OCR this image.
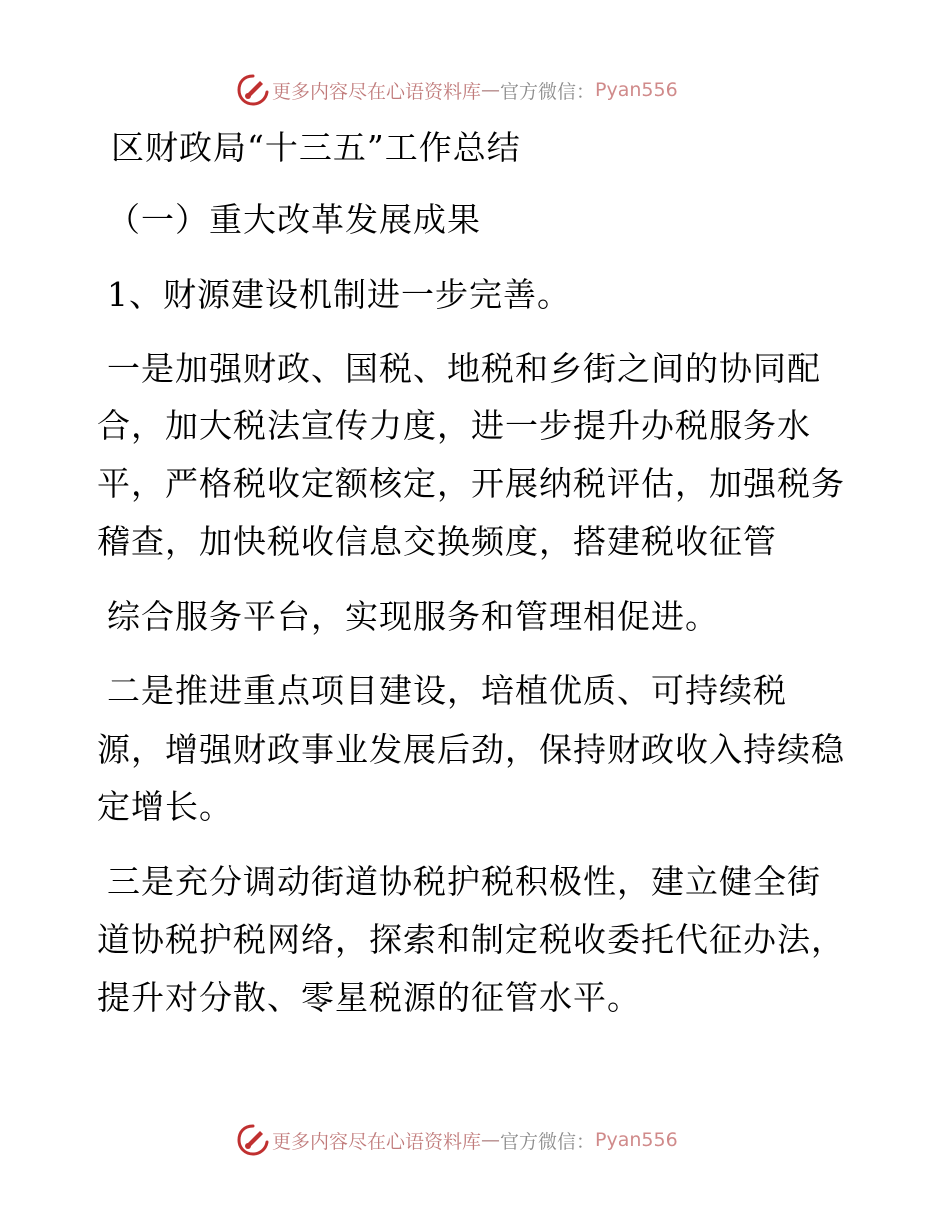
更多内容尽在心语资料库 — 官方微信： Pyan556
区财政局“十三五”工作总结
（一）重大改革发展成果
1、财源建设机制进一步完善。
一是加强财政、国税、地税和乡街之间的协同配
合，加大税法宣传力度，进一步提升办税服务水
平，严格税收定额核定，开展纳税评估，加强税务
稽查，加快税收信息交换频度，搭建税收征管
综合服务平台，实现服务和管理相促进。
二是推进重点项目建设，培植优质、可持续税
源，增强财政事业发展后劲，保持财政收入持续稳
定增长。
三是充分调动街道协税护税积极性，建立健全街
道协税护税网络，探索和制定税收委托代征办法，
提升对分散、零星税源的征管水平。
更多内容尽在心语资料库 — 官方微信： Pyan556
